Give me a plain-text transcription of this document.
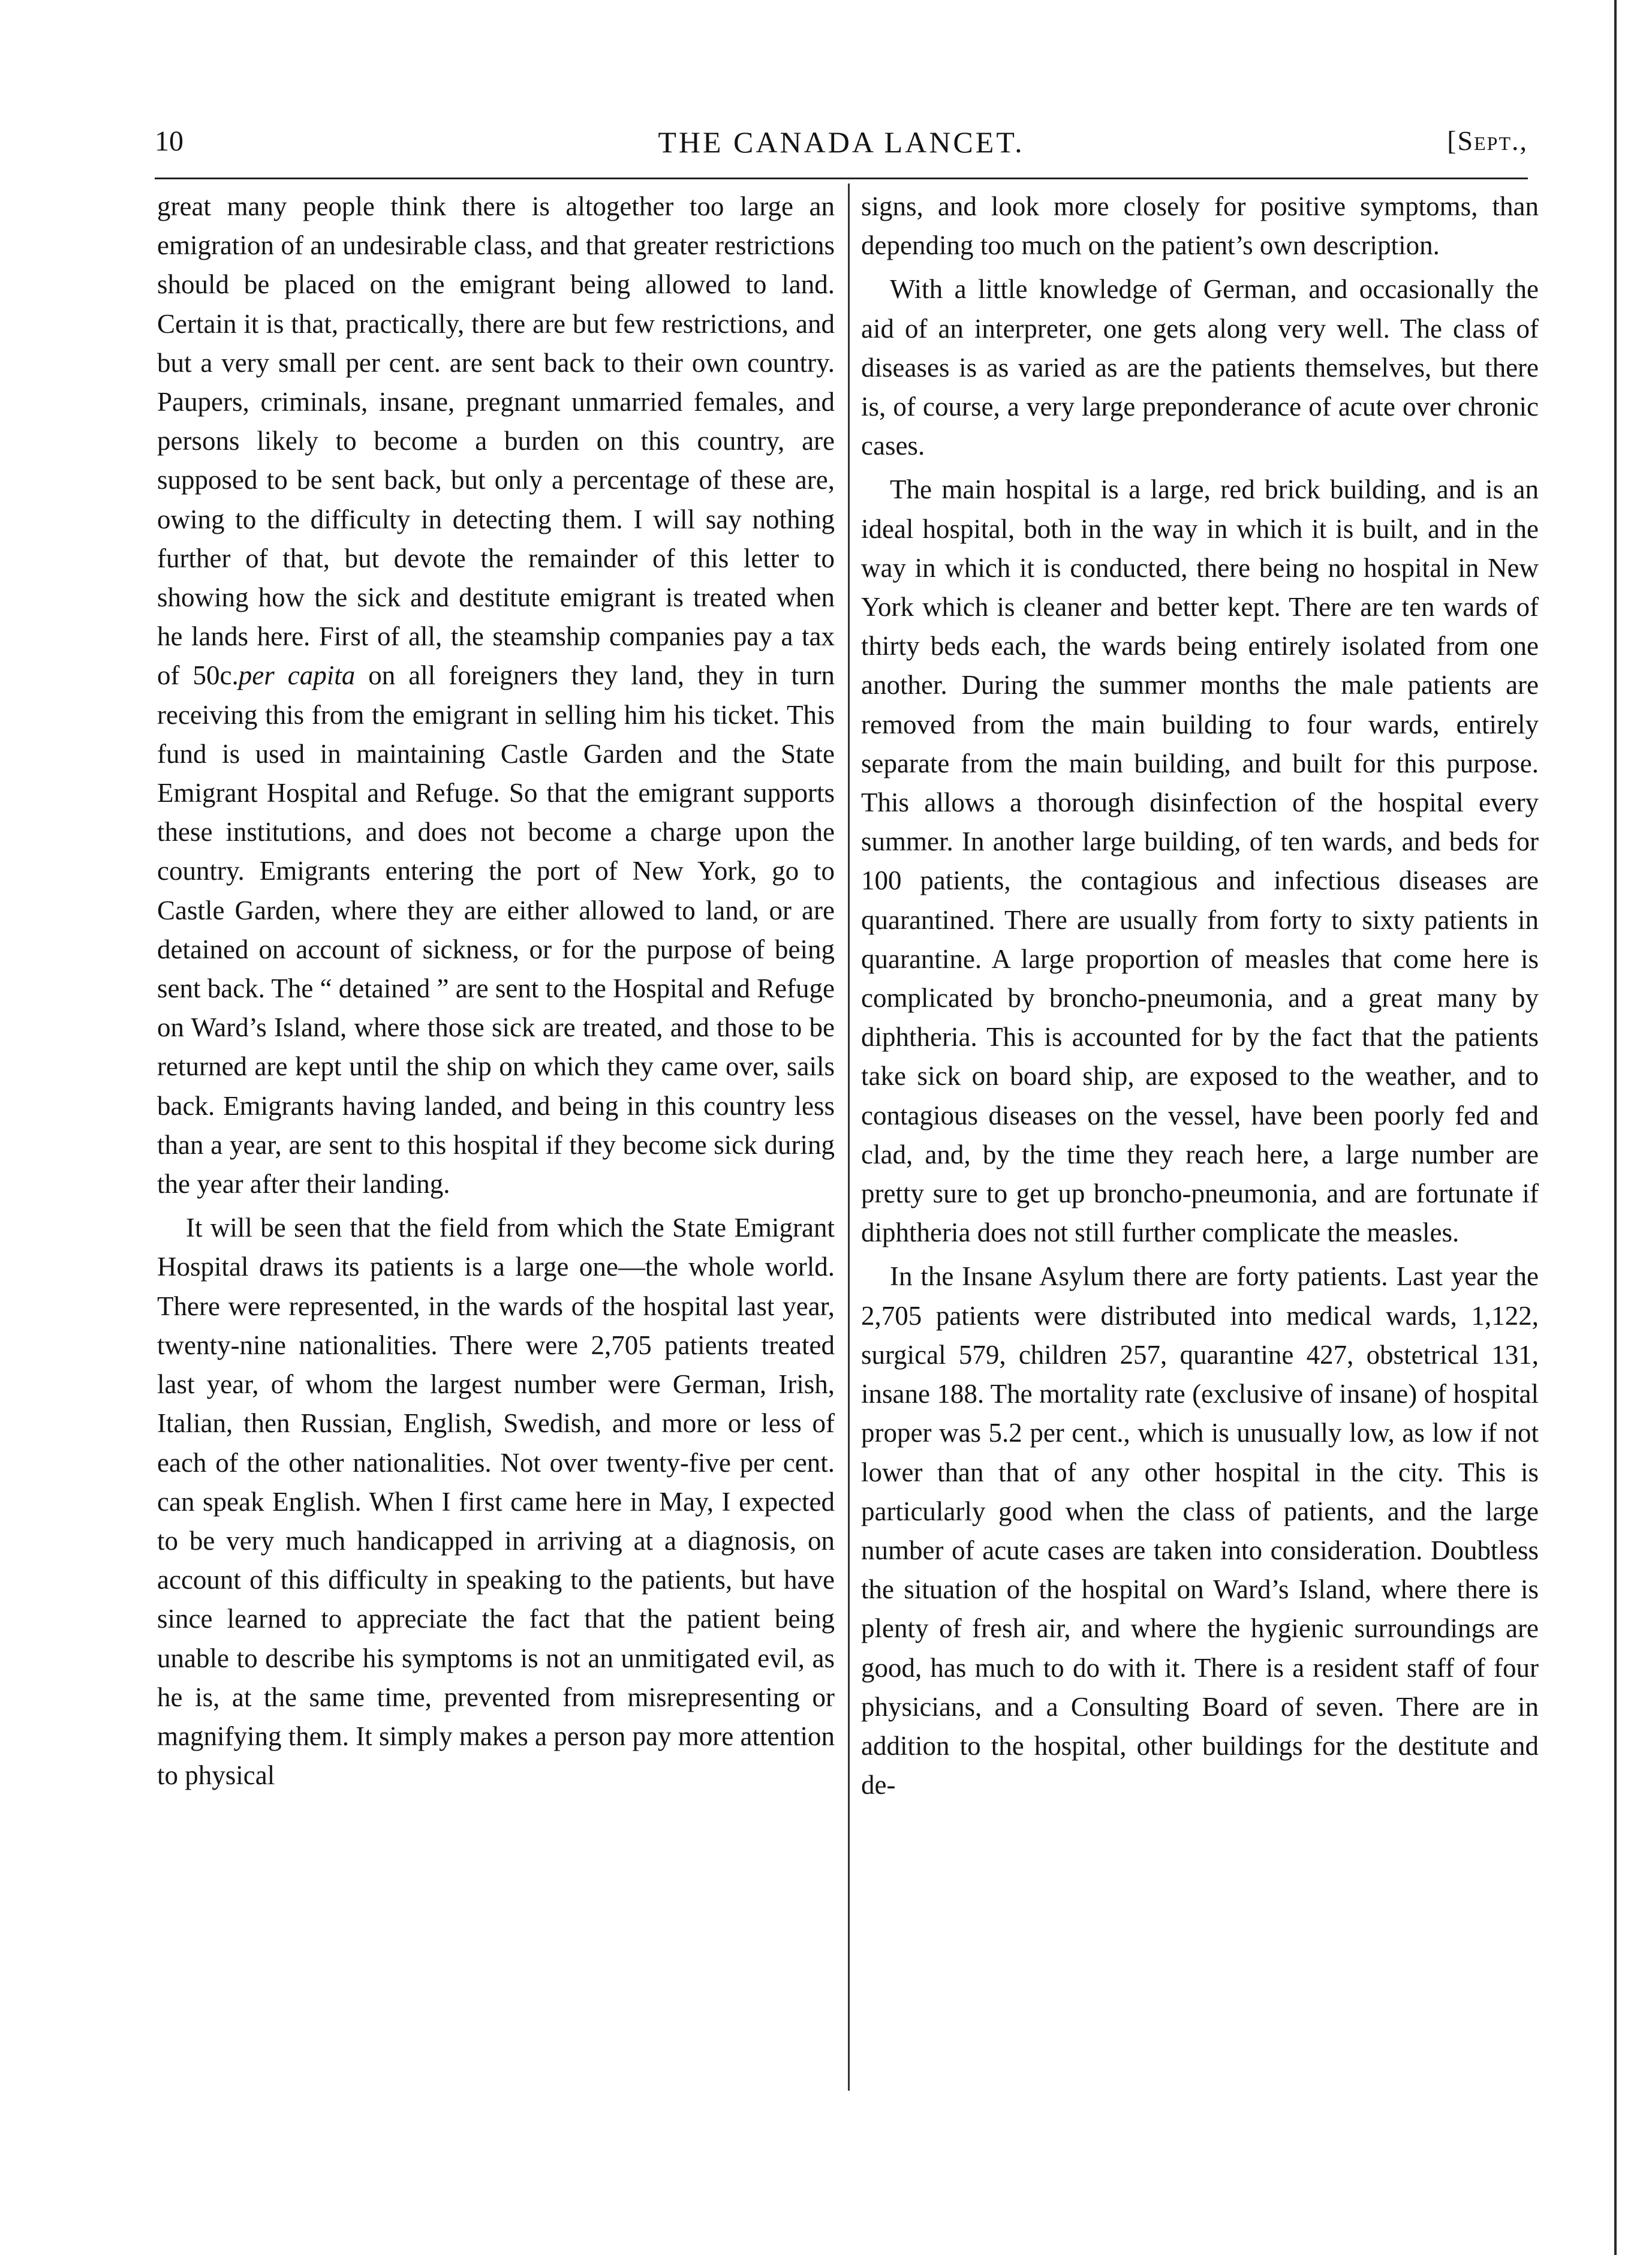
10	THE CANADA LANCET.	[Sept.,

great many people think there is altogether too large an emigration of an undesirable class, and that greater restrictions should be placed on the emigrant being allowed to land. Certain it is that, practically, there are but few restrictions, and but a very small per cent. are sent back to their own country. Paupers, criminals, insane, pregnant unmarried females, and persons likely to become a burden on this country, are supposed to be sent back, but only a percentage of these are, owing to the difficulty in detecting them. I will say nothing further of that, but devote the remainder of this letter to showing how the sick and destitute emigrant is treated when he lands here. First of all, the steamship companies pay a tax of 50c.per capita on all foreigners they land, they in turn receiving this from the emigrant in selling him his ticket. This fund is used in maintaining Castle Garden and the State Emigrant Hospital and Refuge. So that the emigrant supports these institutions, and does not become a charge upon the country. Emigrants entering the port of New York, go to Castle Garden, where they are either allowed to land, or are detained on account of sickness, or for the purpose of being sent back. The “ detained ” are sent to the Hospital and Refuge on Ward’s Island, where those sick are treated, and those to be returned are kept until the ship on which they came over, sails back. Emigrants having landed, and being in this country less than a year, are sent to this hospital if they become sick during the year after their landing.

It will be seen that the field from which the State Emigrant Hospital draws its patients is a large one—the whole world. There were represented, in the wards of the hospital last year, twenty-nine nationalities. There were 2,705 patients treated last year, of whom the largest number were German, Irish, Italian, then Russian, English, Swedish, and more or less of each of the other nationalities. Not over twenty-five per cent. can speak English. When I first came here in May, I expected to be very much handicapped in arriving at a diagnosis, on account of this difficulty in speaking to the patients, but have since learned to appreciate the fact that the patient being unable to describe his symptoms is not an unmitigated evil, as he is, at the same time, prevented from misrepresenting or magnifying them. It simply makes a person pay more attention to physical

signs, and look more closely for positive symptoms, than depending too much on the patient’s own description.

With a little knowledge of German, and occasionally the aid of an interpreter, one gets along very well. The class of diseases is as varied as are the patients themselves, but there is, of course, a very large preponderance of acute over chronic cases.

The main hospital is a large, red brick building, and is an ideal hospital, both in the way in which it is built, and in the way in which it is conducted, there being no hospital in New York which is cleaner and better kept. There are ten wards of thirty beds each, the wards being entirely isolated from one another. During the summer months the male patients are removed from the main building to four wards, entirely separate from the main building, and built for this purpose. This allows a thorough disinfection of the hospital every summer. In another large building, of ten wards, and beds for 100 patients, the contagious and infectious diseases are quarantined. There are usually from forty to sixty patients in quarantine. A large proportion of measles that come here is complicated by broncho-pneumonia, and a great many by diphtheria. This is accounted for by the fact that the patients take sick on board ship, are exposed to the weather, and to contagious diseases on the vessel, have been poorly fed and clad, and, by the time they reach here, a large number are pretty sure to get up broncho-pneumonia, and are fortunate if diphtheria does not still further complicate the measles.

In the Insane Asylum there are forty patients. Last year the 2,705 patients were distributed into medical wards, 1,122, surgical 579, children 257, quarantine 427, obstetrical 131, insane 188. The mortality rate (exclusive of insane) of hospital proper was 5.2 per cent., which is unusually low, as low if not lower than that of any other hospital in the city. This is particularly good when the class of patients, and the large number of acute cases are taken into consideration. Doubtless the situation of the hospital on Ward’s Island, where there is plenty of fresh air, and where the hygienic surroundings are good, has much to do with it. There is a resident staff of four physicians, and a Consulting Board of seven. There are in addition to the hospital, other buildings for the destitute and de-
